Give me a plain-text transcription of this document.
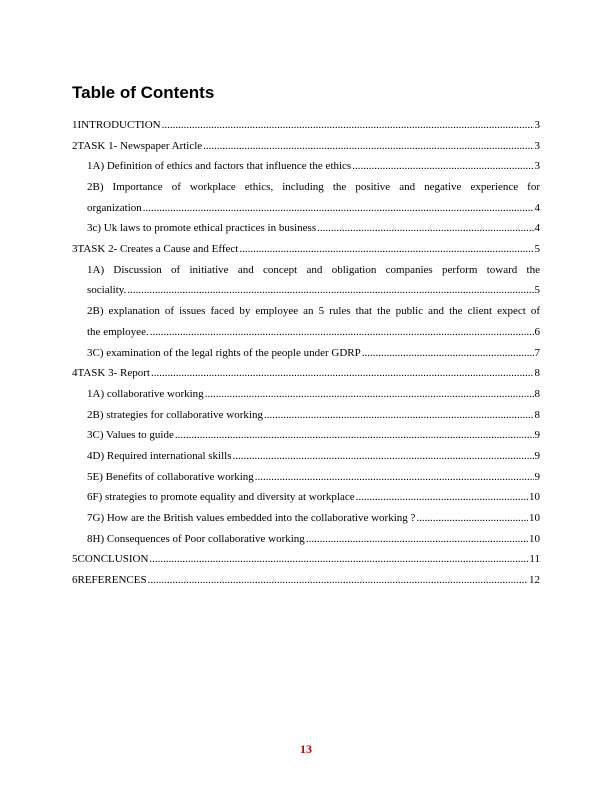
Table of Contents
1INTRODUCTION .....	3
2TASK 1- Newspaper Article .....	3
1A) Definition of ethics and factors that influence the ethics .....	3
2B) Importance of workplace ethics, including the positive and negative experience for
organization .....	4
3c) Uk laws to promote ethical practices in business .....	4
3TASK 2- Creates a Cause and Effect .....	5
1A) Discussion of initiative and concept and obligation companies perform toward the
sociality. .....	5
2B) explanation of issues faced by employee an 5 rules that the public and the client expect of
the employee. .....	6
3C) examination of the legal rights of the people under GDRP .....	7
4TASK 3- Report .....	8
1A) collaborative working .....	8
2B) strategies for collaborative working .....	8
3C) Values to guide .....	9
4D) Required international skills .....	9
5E) Benefits of collaborative working .....	9
6F) strategies to promote equality and diversity at workplace .....	10
7G) How are the British values embedded into the collaborative working ? .....	10
8H) Consequences of Poor collaborative working .....	10
5CONCLUSION .....	11
6REFERENCES .....	12
13
